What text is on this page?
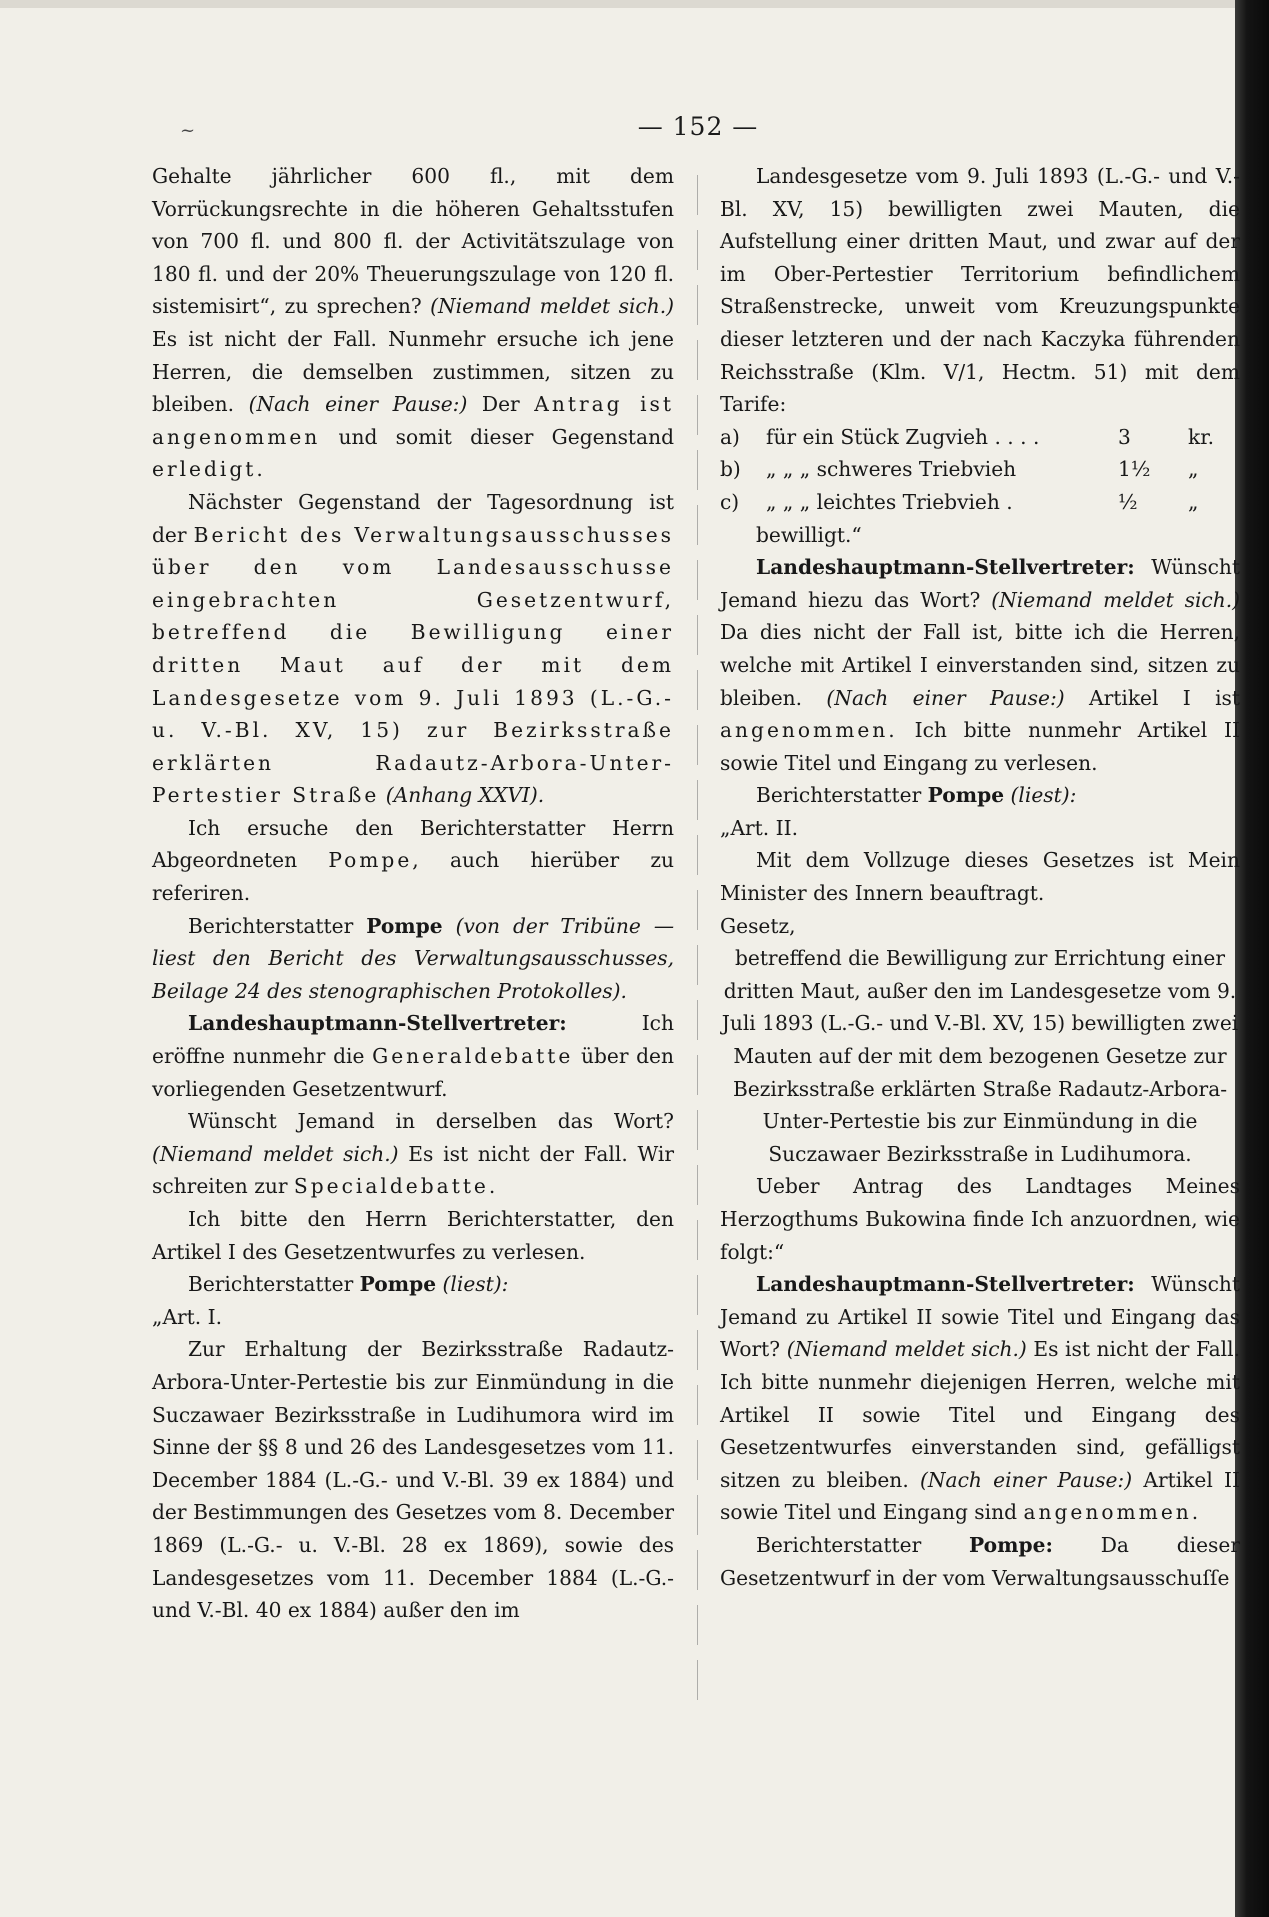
~	— 152 —

Gehalte jährlicher 600 fl., mit dem Vorrückungsrechte in die höheren Gehaltsstufen von 700 fl. und 800 fl. der Activitätszulage von 180 fl. und der 20% Theuerungszulage von 120 fl. sistemisirt“, zu sprechen? (Niemand meldet sich.) Es ist nicht der Fall. Nunmehr ersuche ich jene Herren, die demselben zustimmen, sitzen zu bleiben. (Nach einer Pause:) Der Antrag ist angenommen und somit dieser Gegenstand erledigt.

Nächster Gegenstand der Tagesordnung ist der Bericht des Verwaltungsausschusses über den vom Landesausschusse eingebrachten Gesetzentwurf, betreffend die Bewilligung einer dritten Maut auf der mit dem Landesgesetze vom 9. Juli 1893 (L.-G.- u. V.-Bl. XV, 15) zur Bezirksstraße erklärten Radautz-Arbora-Unter-Pertestier Straße (Anhang XXVI).

Ich ersuche den Berichterstatter Herrn Abgeordneten Pompe, auch hierüber zu referiren.

Berichterstatter Pompe (von der Tribüne — liest den Bericht des Verwaltungsausschusses, Beilage 24 des stenographischen Protokolles).

Landeshauptmann-Stellvertreter:	Ich eröffne nunmehr die Generaldebatte über den vorliegenden Gesetzentwurf.

Wünscht Jemand in derselben das Wort? (Niemand meldet sich.) Es ist nicht der Fall. Wir schreiten zur Specialdebatte.

Ich bitte den Herrn Berichterstatter, den Artikel I des Gesetzentwurfes zu verlesen.

Berichterstatter Pompe (liest):

„Art. I.

Zur Erhaltung der Bezirksstraße Radautz-Arbora-Unter-Pertestie bis zur Einmündung in die Suczawaer Bezirksstraße in Ludihumora wird im Sinne der §§ 8 und 26 des Landesgesetzes vom 11. December 1884 (L.-G.- und V.-Bl. 39 ex 1884) und der Bestimmungen des Gesetzes vom 8. December 1869 (L.-G.- u. V.-Bl. 28 ex 1869), sowie des Landesgesetzes vom 11. December 1884 (L.-G.- und V.-Bl. 40 ex 1884) außer den im

Landesgesetze vom 9. Juli 1893 (L.-G.- und V.-Bl. XV, 15) bewilligten zwei Mauten, die Aufstellung einer dritten Maut, und zwar auf der im Ober-Pertestier Territorium befindlichem Straßenstrecke, unweit vom Kreuzungspunkte dieser letzteren und der nach Kaczyka führenden Reichsstraße (Klm. V/1, Hectm. 51) mit dem Tarife:

a)	für ein Stück Zugvieh . . . .	3	kr.
b)	„ „ „ schweres Triebvieh	1½	„
c)	„ „ „ leichtes Triebvieh .	½	„

bewilligt.“

Landeshauptmann-Stellvertreter: Wünscht Jemand hiezu das Wort? (Niemand meldet sich.) Da dies nicht der Fall ist, bitte ich die Herren, welche mit Artikel I einverstanden sind, sitzen zu bleiben. (Nach einer Pause:) Artikel I ist angenommen. Ich bitte nunmehr Artikel II sowie Titel und Eingang zu verlesen.

Berichterstatter Pompe (liest):

„Art. II.

Mit dem Vollzuge dieses Gesetzes ist Mein Minister des Innern beauftragt.

Gesetz,

betreffend die Bewilligung zur Errichtung einer dritten Maut, außer den im Landesgesetze vom 9. Juli 1893 (L.-G.- und V.-Bl. XV, 15) bewilligten zwei Mauten auf der mit dem bezogenen Gesetze zur Bezirksstraße erklärten Straße Radautz-Arbora-Unter-Pertestie bis zur Einmündung in die Suczawaer Bezirksstraße in Ludihumora.

Ueber Antrag des Landtages Meines Herzogthums Bukowina finde Ich anzuordnen, wie folgt:“

Landeshauptmann-Stellvertreter: Wünscht Jemand zu Artikel II sowie Titel und Eingang das Wort? (Niemand meldet sich.) Es ist nicht der Fall. Ich bitte nunmehr diejenigen Herren, welche mit Artikel II sowie Titel und Eingang des Gesetzentwurfes einverstanden sind, gefälligst sitzen zu bleiben. (Nach einer Pause:) Artikel II sowie Titel und Eingang sind angenommen.

Berichterstatter Pompe: Da dieser Gesetzentwurf in der vom Verwaltungsausschuſſe
